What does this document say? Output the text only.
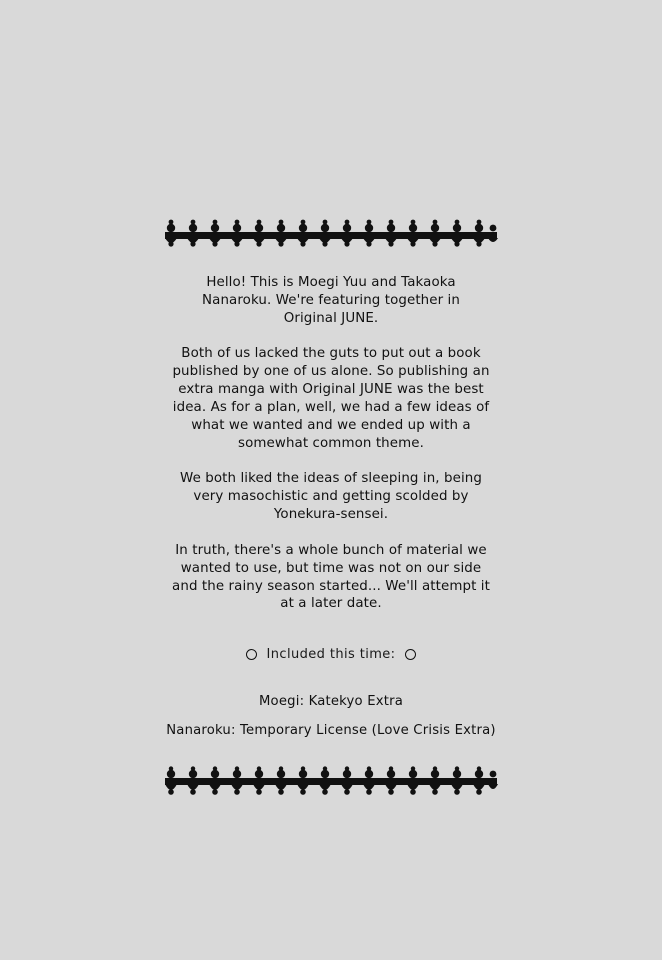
Hello! This is Moegi Yuu and Takaoka Nanaroku. We're featuring together in Original JUNE.

Both of us lacked the guts to put out a book published by one of us alone. So publishing an extra manga with Original JUNE was the best idea. As for a plan, well, we had a few ideas of what we wanted and we ended up with a somewhat common theme.

We both liked the ideas of sleeping in, being very masochistic and getting scolded by Yonekura-sensei.

In truth, there's a whole bunch of material we wanted to use, but time was not on our side and the rainy season started... We'll attempt it at a later date.

Included this time:
Moegi: Katekyo Extra
Nanaroku: Temporary License (Love Crisis Extra)
